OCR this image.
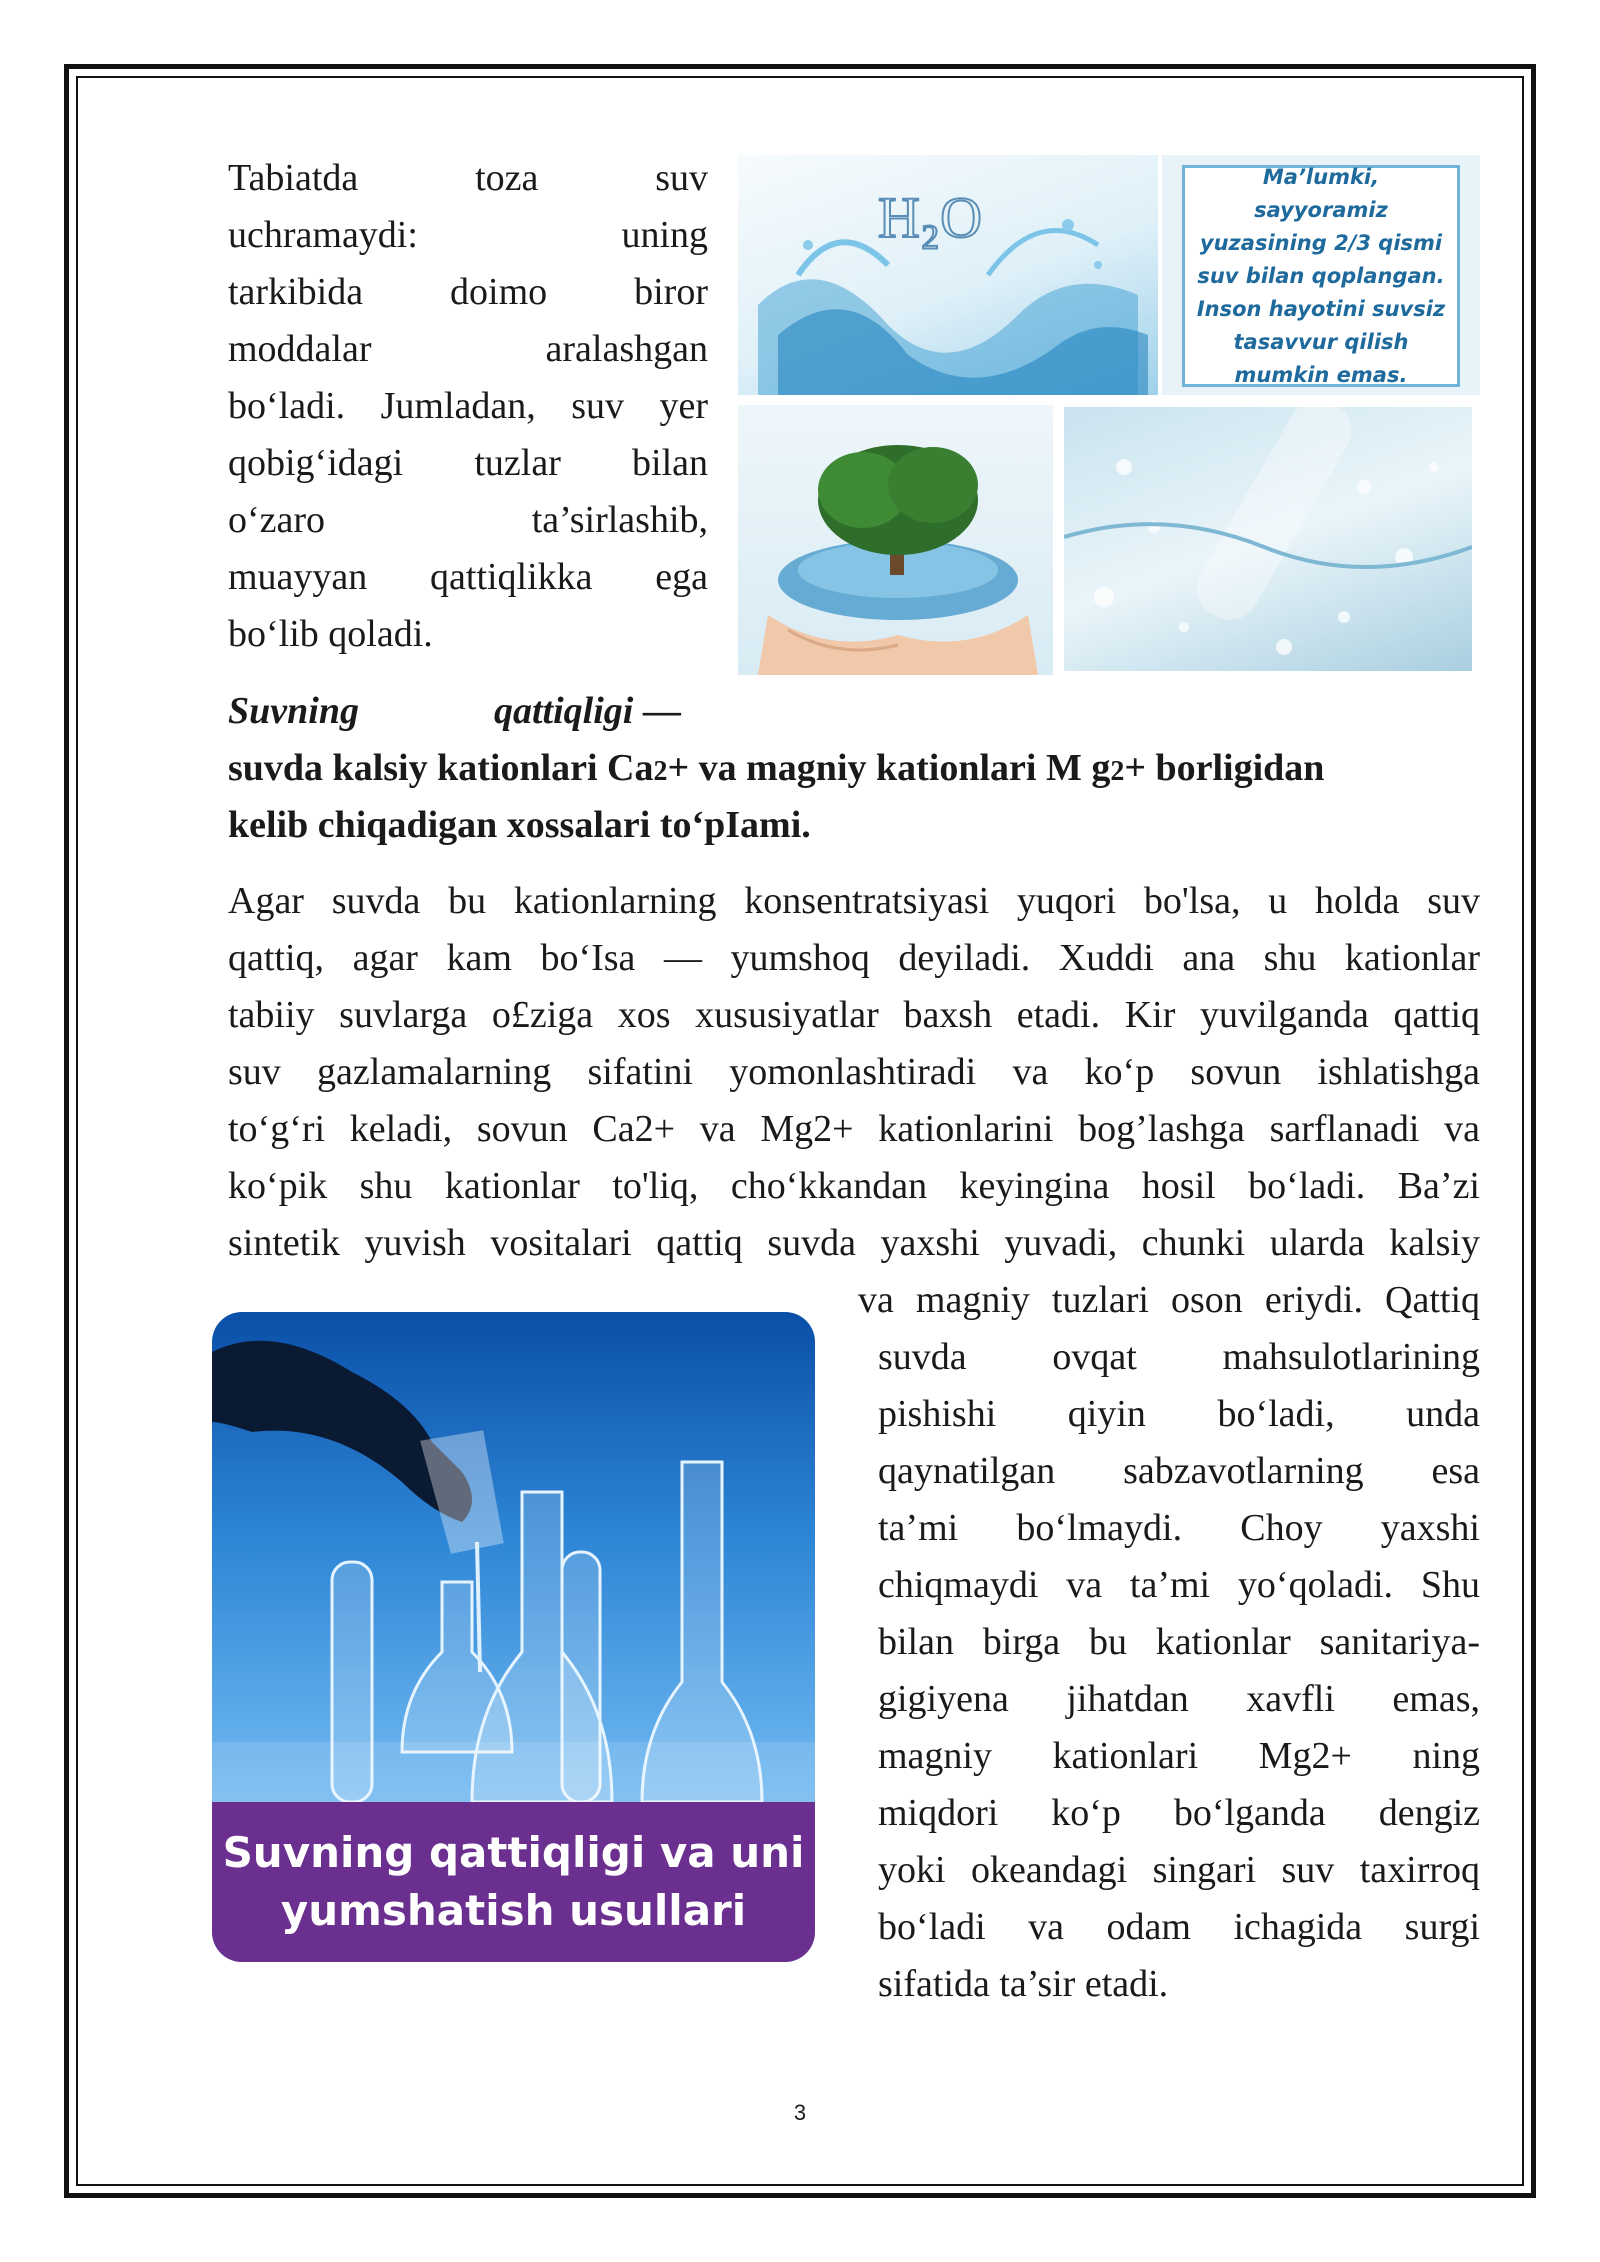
Tabiatda toza suv
uchramaydi: uning
tarkibida doimo biror
moddalar aralashgan
bo‘ladi. Jumladan, suv yer
qobig‘idagi tuzlar bilan
o‘zaro ta’sirlashib,
muayyan qattiqlikka ega
bo‘lib qoladi.
H₂O
Ma’lumki, sayyoramiz
yuzasining 2/3 qismi
suv bilan qoplangan.
Inson hayotini suvsiz
tasavvur qilish
mumkin emas.
Suvning	qattiqligi —
suvda kalsiy kationlari Ca2+ va magniy kationlari M g2+ borligidan
kelib chiqadigan xossalari to‘pIami.
Agar suvda bu kationlarning konsentratsiyasi yuqori bo'lsa, u holda suv
qattiq, agar kam bo‘Isa — yumshoq deyiladi. Xuddi ana shu kationlar
tabiiy suvlarga o£ziga xos xususiyatlar baxsh etadi. Kir yuvilganda qattiq
suv gazlamalarning sifatini yomonlashtiradi va ko‘p sovun ishlatishga
to‘g‘ri keladi, sovun Ca2+ va Mg2+ kationlarini bog’lashga sarflanadi va
ko‘pik shu kationlar to'liq, cho‘kkandan keyingina hosil bo‘ladi. Ba’zi
sintetik yuvish vositalari qattiq suvda yaxshi yuvadi, chunki ularda kalsiy
va magniy tuzlari oson eriydi. Qattiq
Suvning qattiqligi va uni
yumshatish usullari
suvda ovqat mahsulotlarining
pishishi qiyin bo‘ladi, unda
qaynatilgan sabzavotlarning esa
ta’mi bo‘lmaydi. Choy yaxshi
chiqmaydi va ta’mi yo‘qoladi. Shu
bilan birga bu kationlar sanitariya-
gigiyena jihatdan xavfli emas,
magniy kationlari Mg2+ ning
miqdori ko‘p bo‘lganda dengiz
yoki okeandagi singari suv taxirroq
bo‘ladi va odam ichagida surgi
sifatida ta’sir etadi.
3
